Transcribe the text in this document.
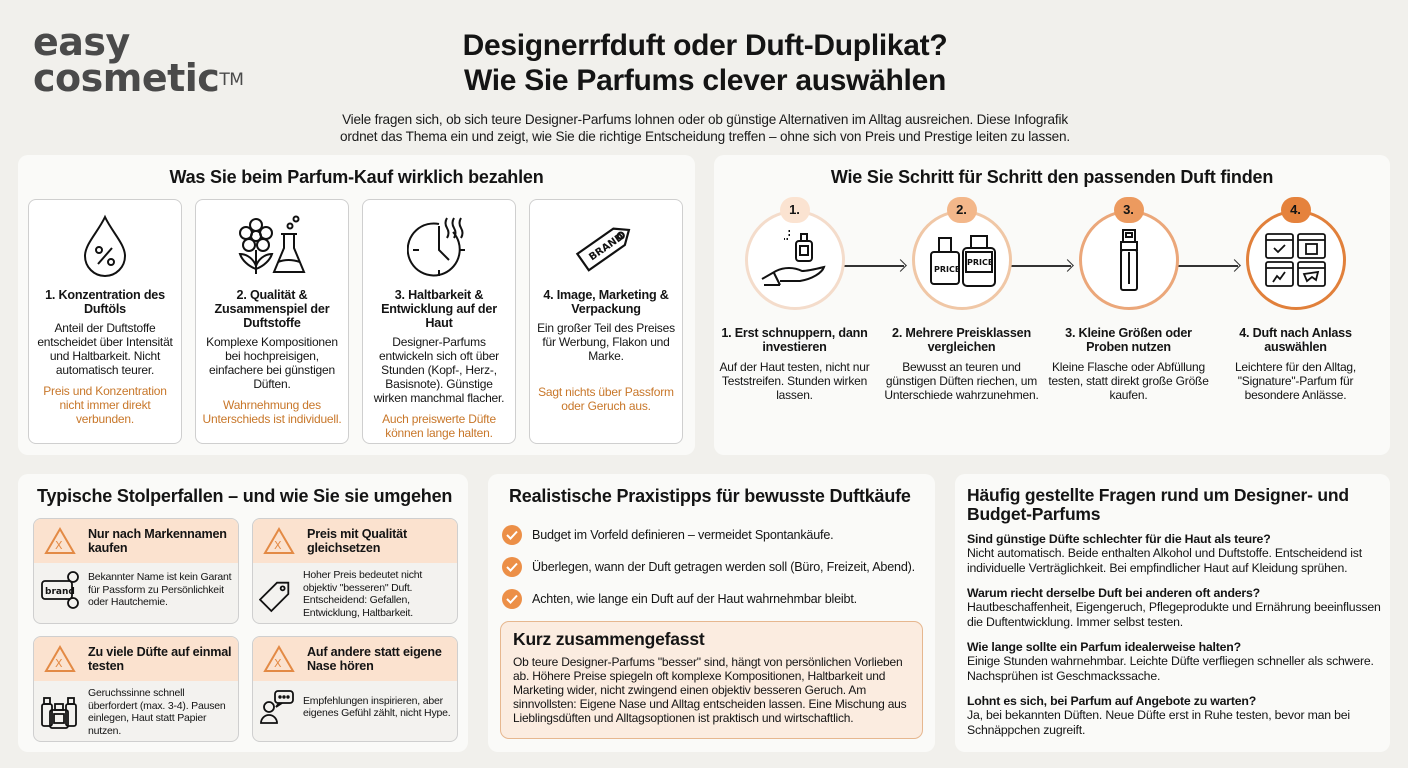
easy
cosmetic™
Designerrfduft oder Duft-Duplikat?
Wie Sie Parfums clever auswählen

Viele fragen sich, ob sich teure Designer-Parfums lohnen oder ob günstige Alternativen im Alltag ausreichen. Diese Infografik
ordnet das Thema ein und zeigt, wie Sie die richtige Entscheidung treffen – ohne sich von Preis und Prestige leiten zu lassen.

Was Sie beim Parfum-Kauf wirklich bezahlen
1. Konzentration des Duftöls
Anteil der Duftstoffe entscheidet über Intensität und Haltbarkeit. Nicht automatisch teurer.
Preis und Konzentration nicht immer direkt verbunden.
2. Qualität & Zusammenspiel der Duftstoffe
Komplexe Kompositionen bei hochpreisigen, einfachere bei günstigen Düften.
Wahrnehmung des Unterschieds ist individuell.
3. Haltbarkeit & Entwicklung auf der Haut
Designer-Parfums entwickeln sich oft über Stunden (Kopf-, Herz-, Basisnote). Günstige wirken manchmal flacher.
Auch preiswerte Düfte können lange halten.
BRAND
4. Image, Marketing & Verpackung
Ein großer Teil des Preises für Werbung, Flakon und Marke.
Sagt nichts über Passform oder Geruch aus.
Wie Sie Schritt für Schritt den passenden Duft finden
1.
1. Erst schnuppern, dann investieren
Auf der Haut testen, nicht nur Teststreifen. Stunden wirken lassen.
2.
PRICE
PRICE
2. Mehrere Preisklassen vergleichen
Bewusst an teuren und günstigen Düften riechen, um Unterschiede wahrzunehmen.
3.
3. Kleine Größen oder Proben nutzen
Kleine Flasche oder Abfüllung testen, statt direkt große Größe kaufen.
4.
4. Duft nach Anlass auswählen
Leichtere für den Alltag, "Signature"-Parfum für besondere Anlässe.
Typische Stolperfallen – und wie Sie sie umgehen
X
Nur nach Markennamen kaufen
brand
Bekannter Name ist kein Garant für Passform zu Persönlichkeit oder Hautchemie.
X
Preis mit Qualität gleichsetzen
Hoher Preis bedeutet nicht objektiv "besseren" Duft. Entscheidend: Gefallen, Entwicklung, Haltbarkeit.
X
Zu viele Düfte auf einmal testen
Geruchssinne schnell überfordert (max. 3-4). Pausen einlegen, Haut statt Papier nutzen.
X
Auf andere statt eigene Nase hören
Empfehlungen inspirieren, aber eigenes Gefühl zählt, nicht Hype.
Realistische Praxistipps für bewusste Duftkäufe
Budget im Vorfeld definieren – vermeidet Spontankäufe.
Überlegen, wann der Duft getragen werden soll (Büro, Freizeit, Abend).
Achten, wie lange ein Duft auf der Haut wahrnehmbar bleibt.
Kurz zusammengefasst

Ob teure Designer-Parfums "besser" sind, hängt von persönlichen Vorlieben ab. Höhere Preise spiegeln oft komplexe Kompositionen, Haltbarkeit und Marketing wider, nicht zwingend einen objektiv besseren Geruch. Am sinnvollsten: Eigene Nase und Alltag entscheiden lassen. Eine Mischung aus Lieblingsdüften und Alltagsoptionen ist praktisch und wirtschaftlich.

Häufig gestellte Fragen rund um Designer- und Budget-Parfums
Sind günstige Düfte schlechter für die Haut als teure?
Nicht automatisch. Beide enthalten Alkohol und Duftstoffe. Entscheidend ist individuelle Verträglichkeit. Bei empfindlicher Haut auf Kleidung sprühen.
Warum riecht derselbe Duft bei anderen oft anders?
Hautbeschaffenheit, Eigengeruch, Pflegeprodukte und Ernährung beeinflussen die Duftentwicklung. Immer selbst testen.
Wie lange sollte ein Parfum idealerweise halten?
Einige Stunden wahrnehmbar. Leichte Düfte verfliegen schneller als schwere. Nachsprühen ist Geschmackssache.
Lohnt es sich, bei Parfum auf Angebote zu warten?
Ja, bei bekannten Düften. Neue Düfte erst in Ruhe testen, bevor man bei Schnäppchen zugreift.
